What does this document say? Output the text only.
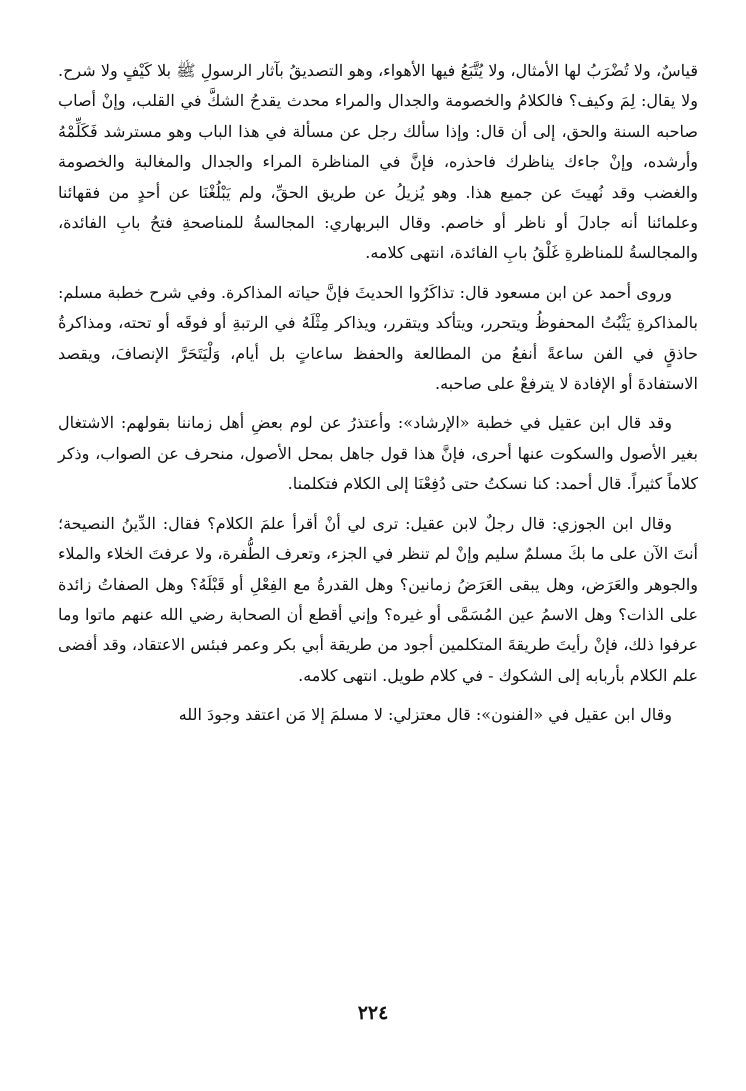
قياسٌ، ولا تُضْرَبُ لها الأمثال، ولا يُتَّبَعُ فيها الأهواء، وهو التصديقُ بآثار الرسولِ ﷺ بلا كَيْفٍ ولا شرح. ولا يقال: لِمَ وكيف؟ فالكلامُ والخصومة والجدال والمراء محدث يقدحُ الشكَّ في القلب، وإنْ أصاب صاحبه السنة والحق، إلى أن قال: وإذا سألك رجل عن مسألة في هذا الباب وهو مسترشد فَكَلِّمْهُ وأرشده، وإنْ جاءك يناظرك فاحذره، فإنَّ في المناظرة المراء والجدال والمغالبة والخصومة والغضب وقد نُهيتَ عن جميع هذا. وهو يُزيلُ عن طريق الحقِّ، ولم يَبْلُغْنَا عن أحدٍ من فقهائنا وعلمائنا أنه جادلَ أو ناظر أو خاصم. وقال البربهاري: المجالسةُ للمناصحةِ فتحُ بابِ الفائدة، والمجالسةُ للمناظرةِ غَلْقُ بابِ الفائدة، انتهى كلامه.

وروى أحمد عن ابن مسعود قال: تذاكَرُوا الحديثَ فإنَّ حياته المذاكرة. وفي شرح خطبة مسلم: بالمذاكرةِ يَثْبُتُ المحفوظُ ويتحرر، ويتأكد ويتقرر، ويذاكر مِثْلَهُ في الرتبةِ أو فوقَه أو تحته، ومذاكرةُ حاذقٍ في الفن ساعةً أنفعُ من المطالعة والحفظ ساعاتٍ بل أيام، وَلْيَتَحَرَّ الإنصافَ، ويقصد الاستفادةَ أو الإفادة لا يترفعْ على صاحبه.

وقد قال ابن عقيل في خطبة «الإرشاد»: وأعتذرُ عن لوم بعضِ أهل زماننا بقولهم: الاشتغال بغير الأصول والسكوت عنها أحرى، فإنَّ هذا قول جاهل بمحل الأصول، منحرف عن الصواب، وذكر كلاماً كثيراً. قال أحمد: كنا نسكتُ حتى دُفِعْنَا إلى الكلام فتكلمنا.

وقال ابن الجوزي: قال رجلٌ لابن عقيل: ترى لي أنْ أقرأ علمَ الكلام؟ فقال: الدِّينُ النصيحة؛ أنتَ الآن على ما بكَ مسلمٌ سليم وإنْ لم تنظر في الجزء، وتعرف الطُّفرة، ولا عرفتَ الخلاء والملاء والجوهر والعَرَض، وهل يبقى العَرَضُ زمانين؟ وهل القدرةُ مع الفِعْلِ أو قَبْلَهُ؟ وهل الصفاتُ زائدة على الذات؟ وهل الاسمُ عين المُسَمَّى أو غيره؟ وإني أقطع أن الصحابة رضي الله عنهم ماتوا وما عرفوا ذلك، فإنْ رأيتَ طريقةَ المتكلمين أجود من طريقة أبي بكر وعمر فبئس الاعتقاد، وقد أفضى علم الكلام بأربابه إلى الشكوك - في كلام طويل. انتهى كلامه.

وقال ابن عقيل في «الفنون»: قال معتزلي: لا مسلمَ إلا مَن اعتقد وجودَ الله

٢٢٤
